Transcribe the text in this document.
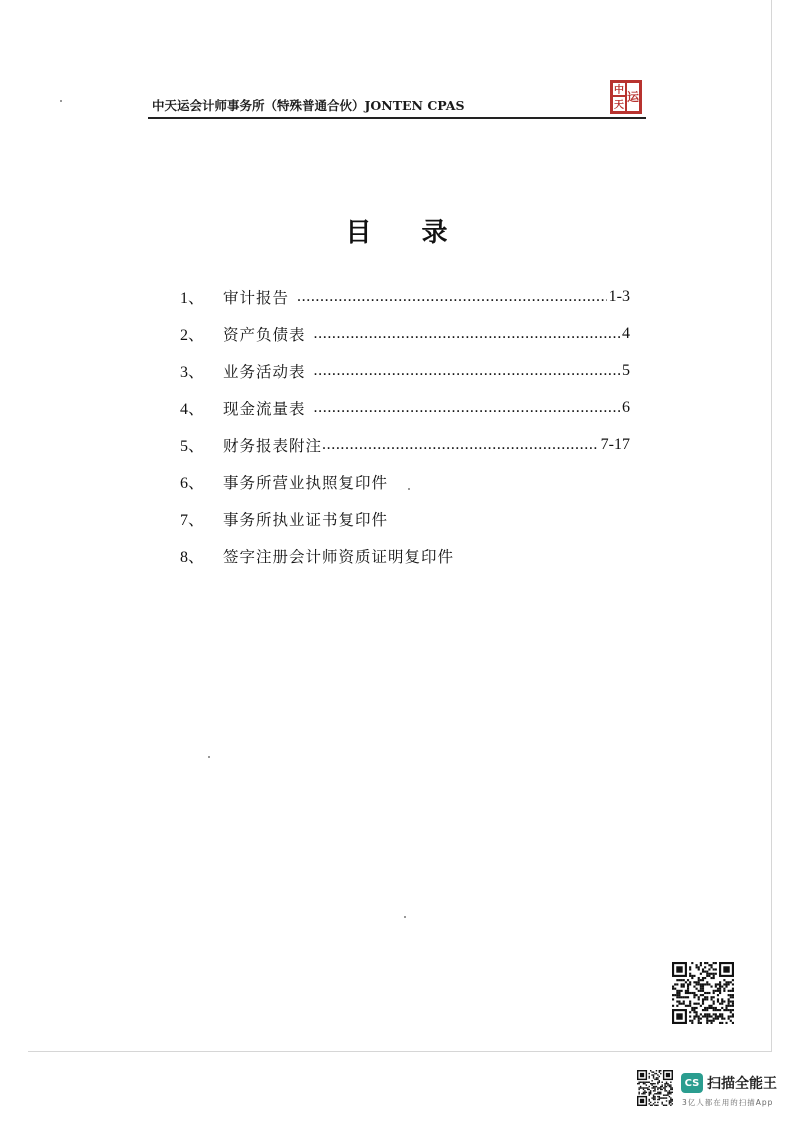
中天运会计师事务所（特殊普通合伙）JONTEN CPAS
中 运
天
目录
1、	审计报告 .....	1-3
2、	资产负债表 .....	4
3、	业务活动表 .....	5
4、	现金流量表 .....	6
5、	财务报表附注 .....	7-17
6、	事务所营业执照复印件
7、	事务所执业证书复印件
8、	签字注册会计师资质证明复印件
CS 扫描全能王
3亿人都在用的扫描App
